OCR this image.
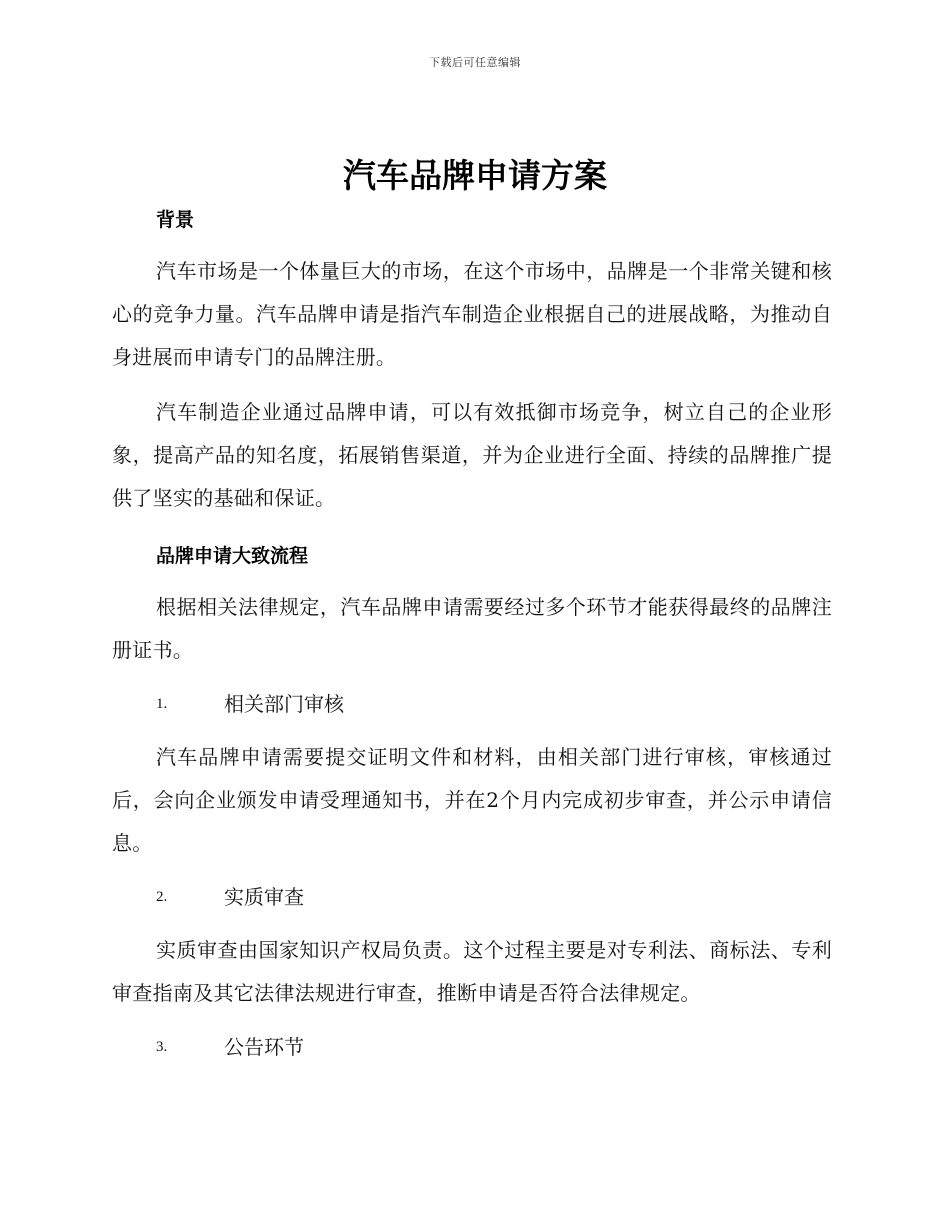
下载后可任意编辑
汽车品牌申请方案

背景

汽车市场是一个体量巨大的市场，在这个市场中，品牌是一个非常关键和核心的竞争力量。汽车品牌申请是指汽车制造企业根据自己的进展战略，为推动自身进展而申请专门的品牌注册。

汽车制造企业通过品牌申请，可以有效抵御市场竞争，树立自己的企业形象，提高产品的知名度，拓展销售渠道，并为企业进行全面、持续的品牌推广提供了坚实的基础和保证。

品牌申请大致流程

根据相关法律规定，汽车品牌申请需要经过多个环节才能获得最终的品牌注册证书。

1.	相关部门审核

汽车品牌申请需要提交证明文件和材料，由相关部门进行审核，审核通过后，会向企业颁发申请受理通知书，并在2个月内完成初步审查，并公示申请信息。

2.	实质审查

实质审查由国家知识产权局负责。这个过程主要是对专利法、商标法、专利审查指南及其它法律法规进行审查，推断申请是否符合法律规定。

3.	公告环节
